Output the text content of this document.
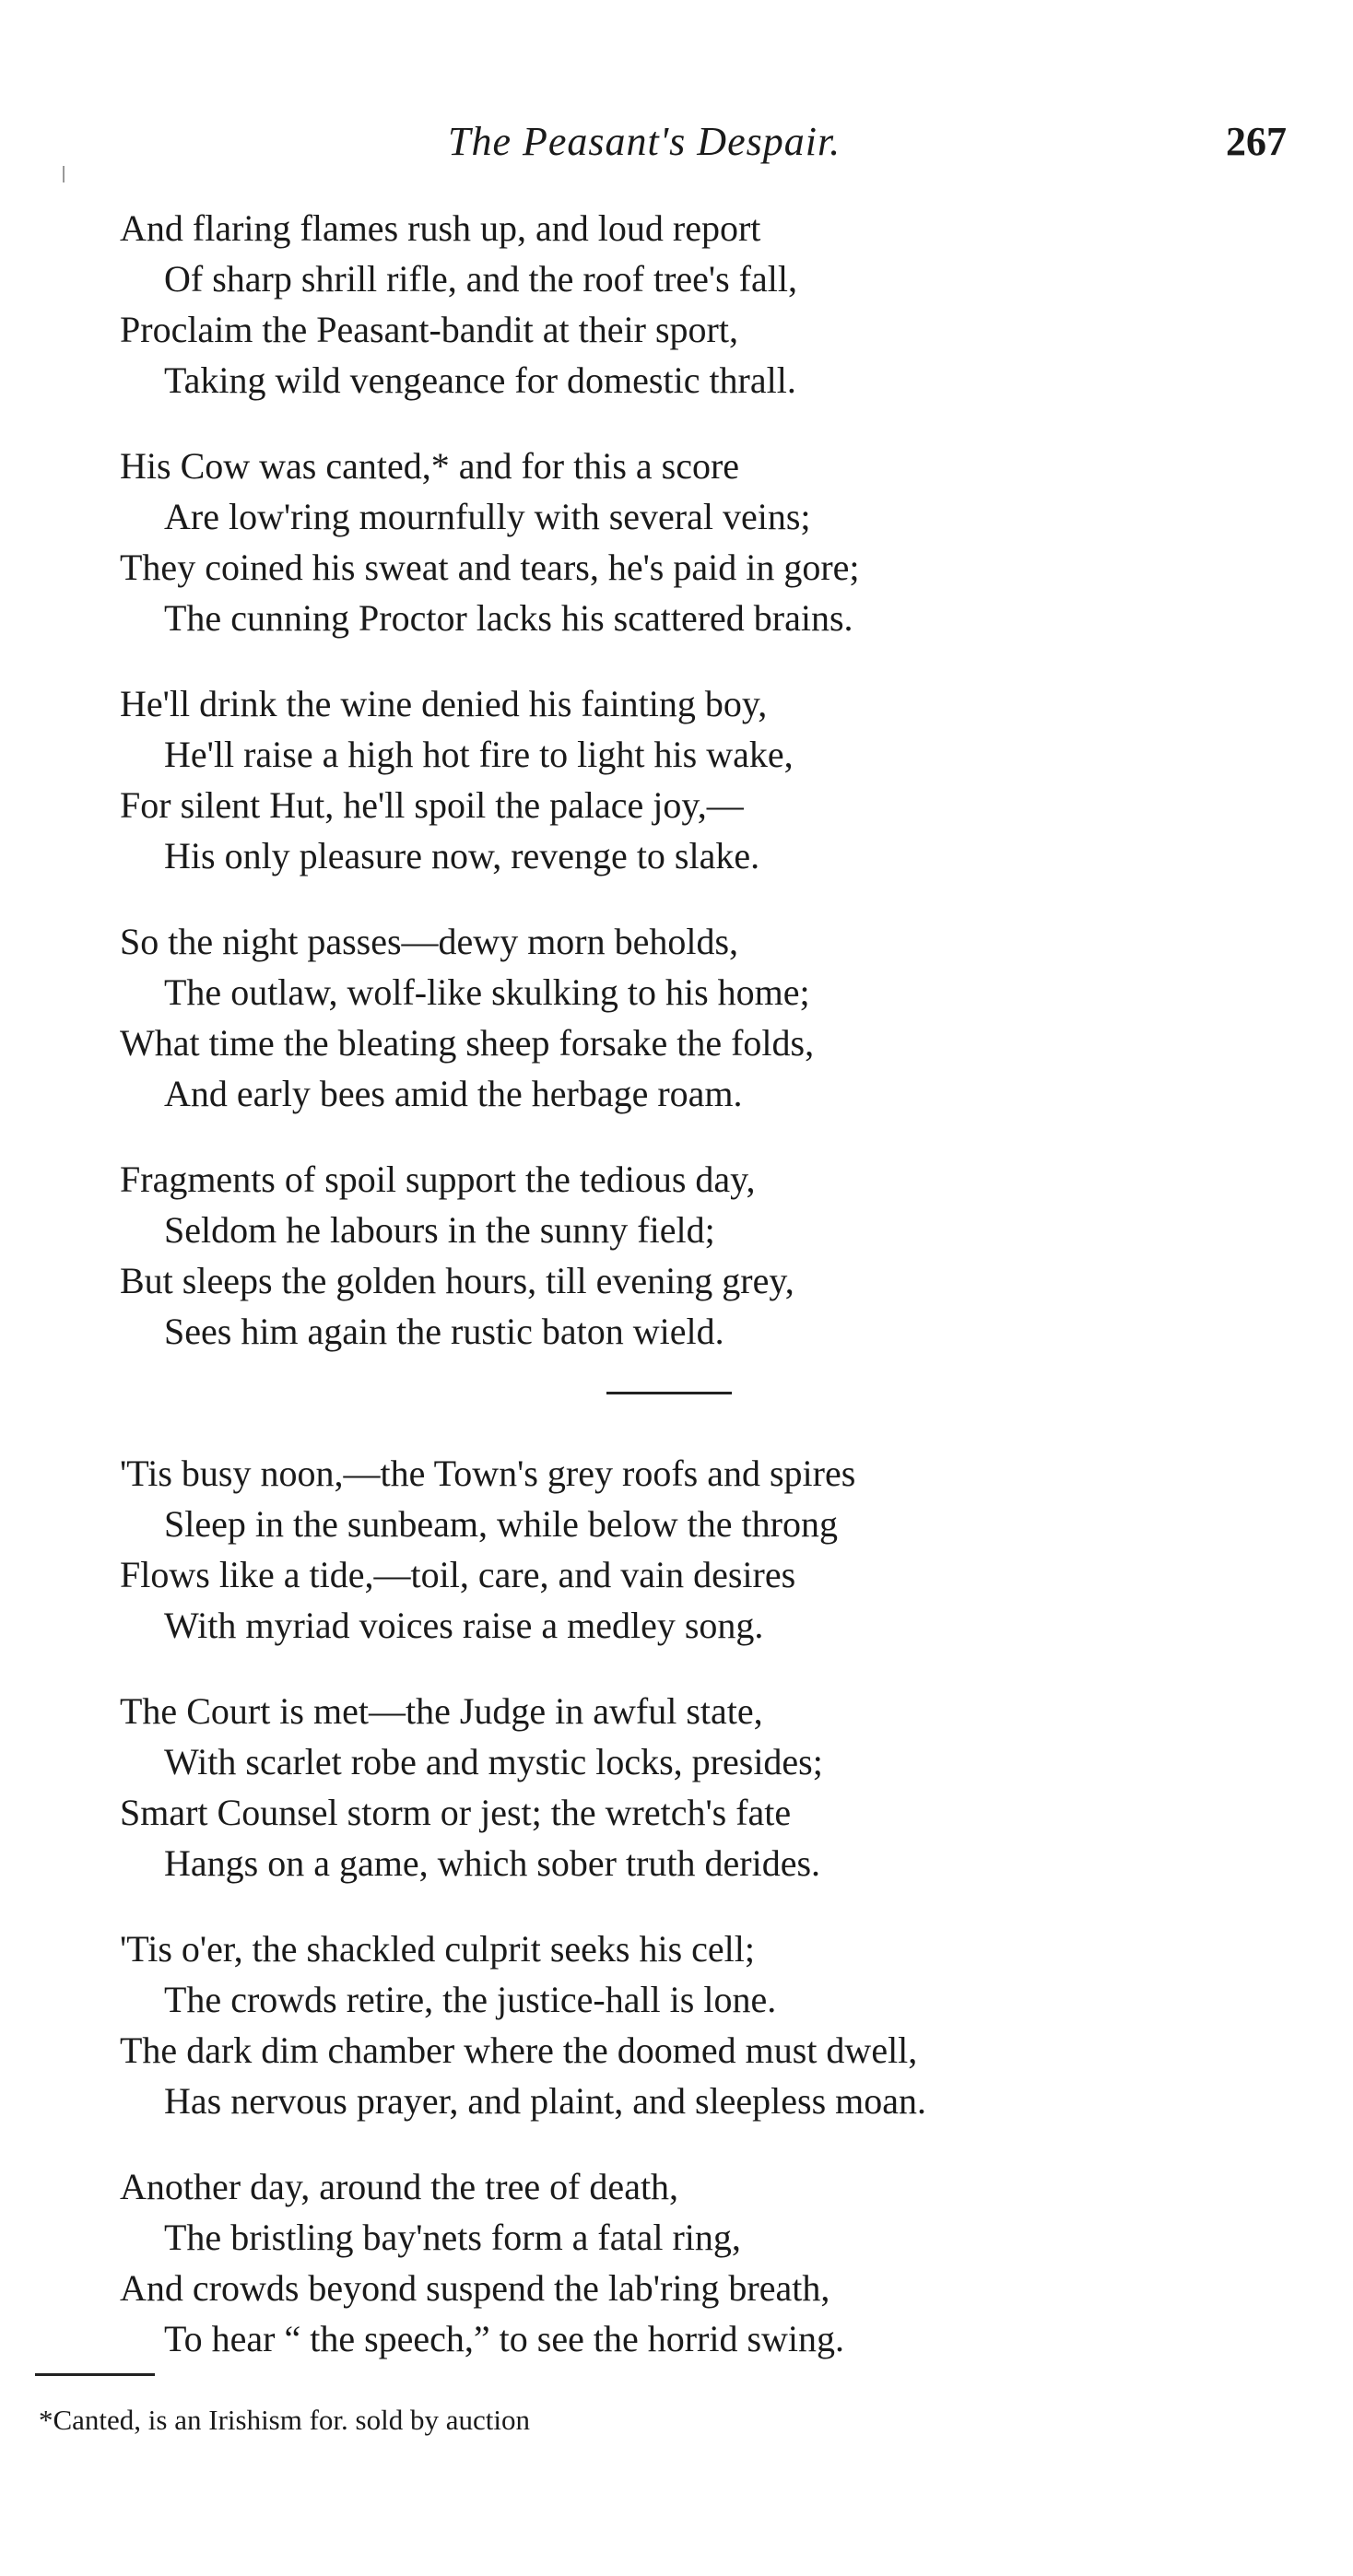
The Peasant's Despair.	267
And flaring flames rush up, and loud report
Of sharp shrill rifle, and the roof tree's fall,
Proclaim the Peasant-bandit at their sport,
Taking wild vengeance for domestic thrall.
His Cow was canted,* and for this a score
Are low'ring mournfully with several veins;
They coined his sweat and tears, he's paid in gore;
The cunning Proctor lacks his scattered brains.
He'll drink the wine denied his fainting boy,
He'll raise a high hot fire to light his wake,
For silent Hut, he'll spoil the palace joy,—
His only pleasure now, revenge to slake.
So the night passes—dewy morn beholds,
The outlaw, wolf-like skulking to his home;
What time the bleating sheep forsake the folds,
And early bees amid the herbage roam.
Fragments of spoil support the tedious day,
Seldom he labours in the sunny field;
But sleeps the golden hours, till evening grey,
Sees him again the rustic baton wield.
'Tis busy noon,—the Town's grey roofs and spires
Sleep in the sunbeam, while below the throng
Flows like a tide,—toil, care, and vain desires
With myriad voices raise a medley song.
The Court is met—the Judge in awful state,
With scarlet robe and mystic locks, presides;
Smart Counsel storm or jest; the wretch's fate
Hangs on a game, which sober truth derides.
'Tis o'er, the shackled culprit seeks his cell;
The crowds retire, the justice-hall is lone.
The dark dim chamber where the doomed must dwell,
Has nervous prayer, and plaint, and sleepless moan.
Another day, around the tree of death,
The bristling bay'nets form a fatal ring,
And crowds beyond suspend the lab'ring breath,
To hear “ the speech,” to see the horrid swing.
*Canted, is an Irishism for. sold by auction
